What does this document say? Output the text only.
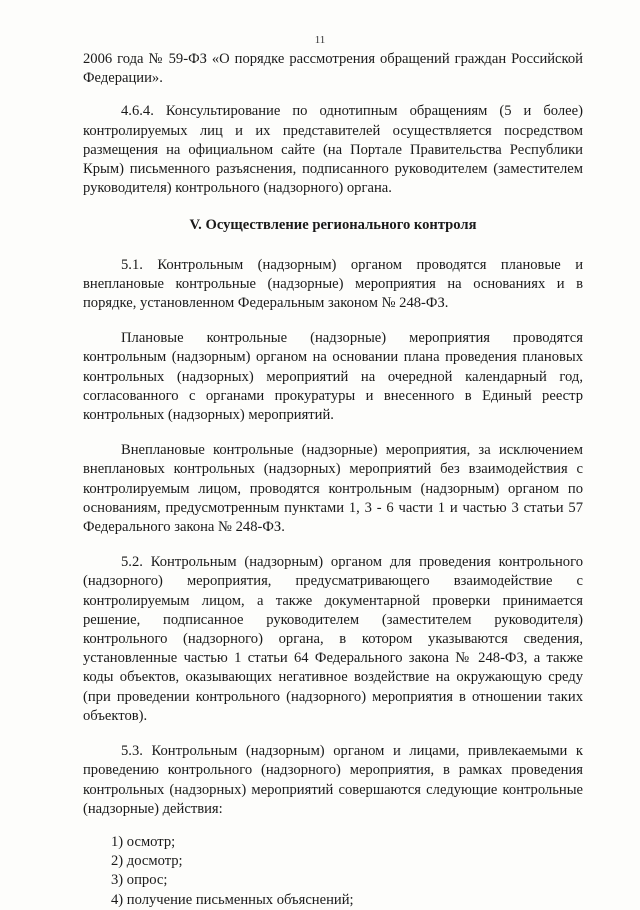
11

2006 года № 59-ФЗ «О порядке рассмотрения обращений граждан Российской Федерации».

4.6.4. Консультирование по однотипным обращениям (5 и более) контролируемых лиц и их представителей осуществляется посредством размещения на официальном сайте (на Портале Правительства Республики Крым) письменного разъяснения, подписанного руководителем (заместителем руководителя) контрольного (надзорного) органа.

V. Осуществление регионального контроля

5.1. Контрольным (надзорным) органом проводятся плановые и внеплановые контрольные (надзорные) мероприятия на основаниях и в порядке, установленном Федеральным законом № 248-ФЗ.

Плановые контрольные (надзорные) мероприятия проводятся контрольным (надзорным) органом на основании плана проведения плановых контрольных (надзорных) мероприятий на очередной календарный год, согласованного с органами прокуратуры и внесенного в Единый реестр контрольных (надзорных) мероприятий.

Внеплановые контрольные (надзорные) мероприятия, за исключением внеплановых контрольных (надзорных) мероприятий без взаимодействия с контролируемым лицом, проводятся контрольным (надзорным) органом по основаниям, предусмотренным пунктами 1, 3 - 6 части 1 и частью 3 статьи 57 Федерального закона № 248-ФЗ.

5.2. Контрольным (надзорным) органом для проведения контрольного (надзорного) мероприятия, предусматривающего взаимодействие с контролируемым лицом, а также документарной проверки принимается решение, подписанное руководителем (заместителем руководителя) контрольного (надзорного) органа, в котором указываются сведения, установленные частью 1 статьи 64 Федерального закона № 248-ФЗ, а также коды объектов, оказывающих негативное воздействие на окружающую среду (при проведении контрольного (надзорного) мероприятия в отношении таких объектов).

5.3. Контрольным (надзорным) органом и лицами, привлекаемыми к проведению контрольного (надзорного) мероприятия, в рамках проведения контрольных (надзорных) мероприятий совершаются следующие контрольные (надзорные) действия:

1) осмотр;
2) досмотр;
3) опрос;
4) получение письменных объяснений;
